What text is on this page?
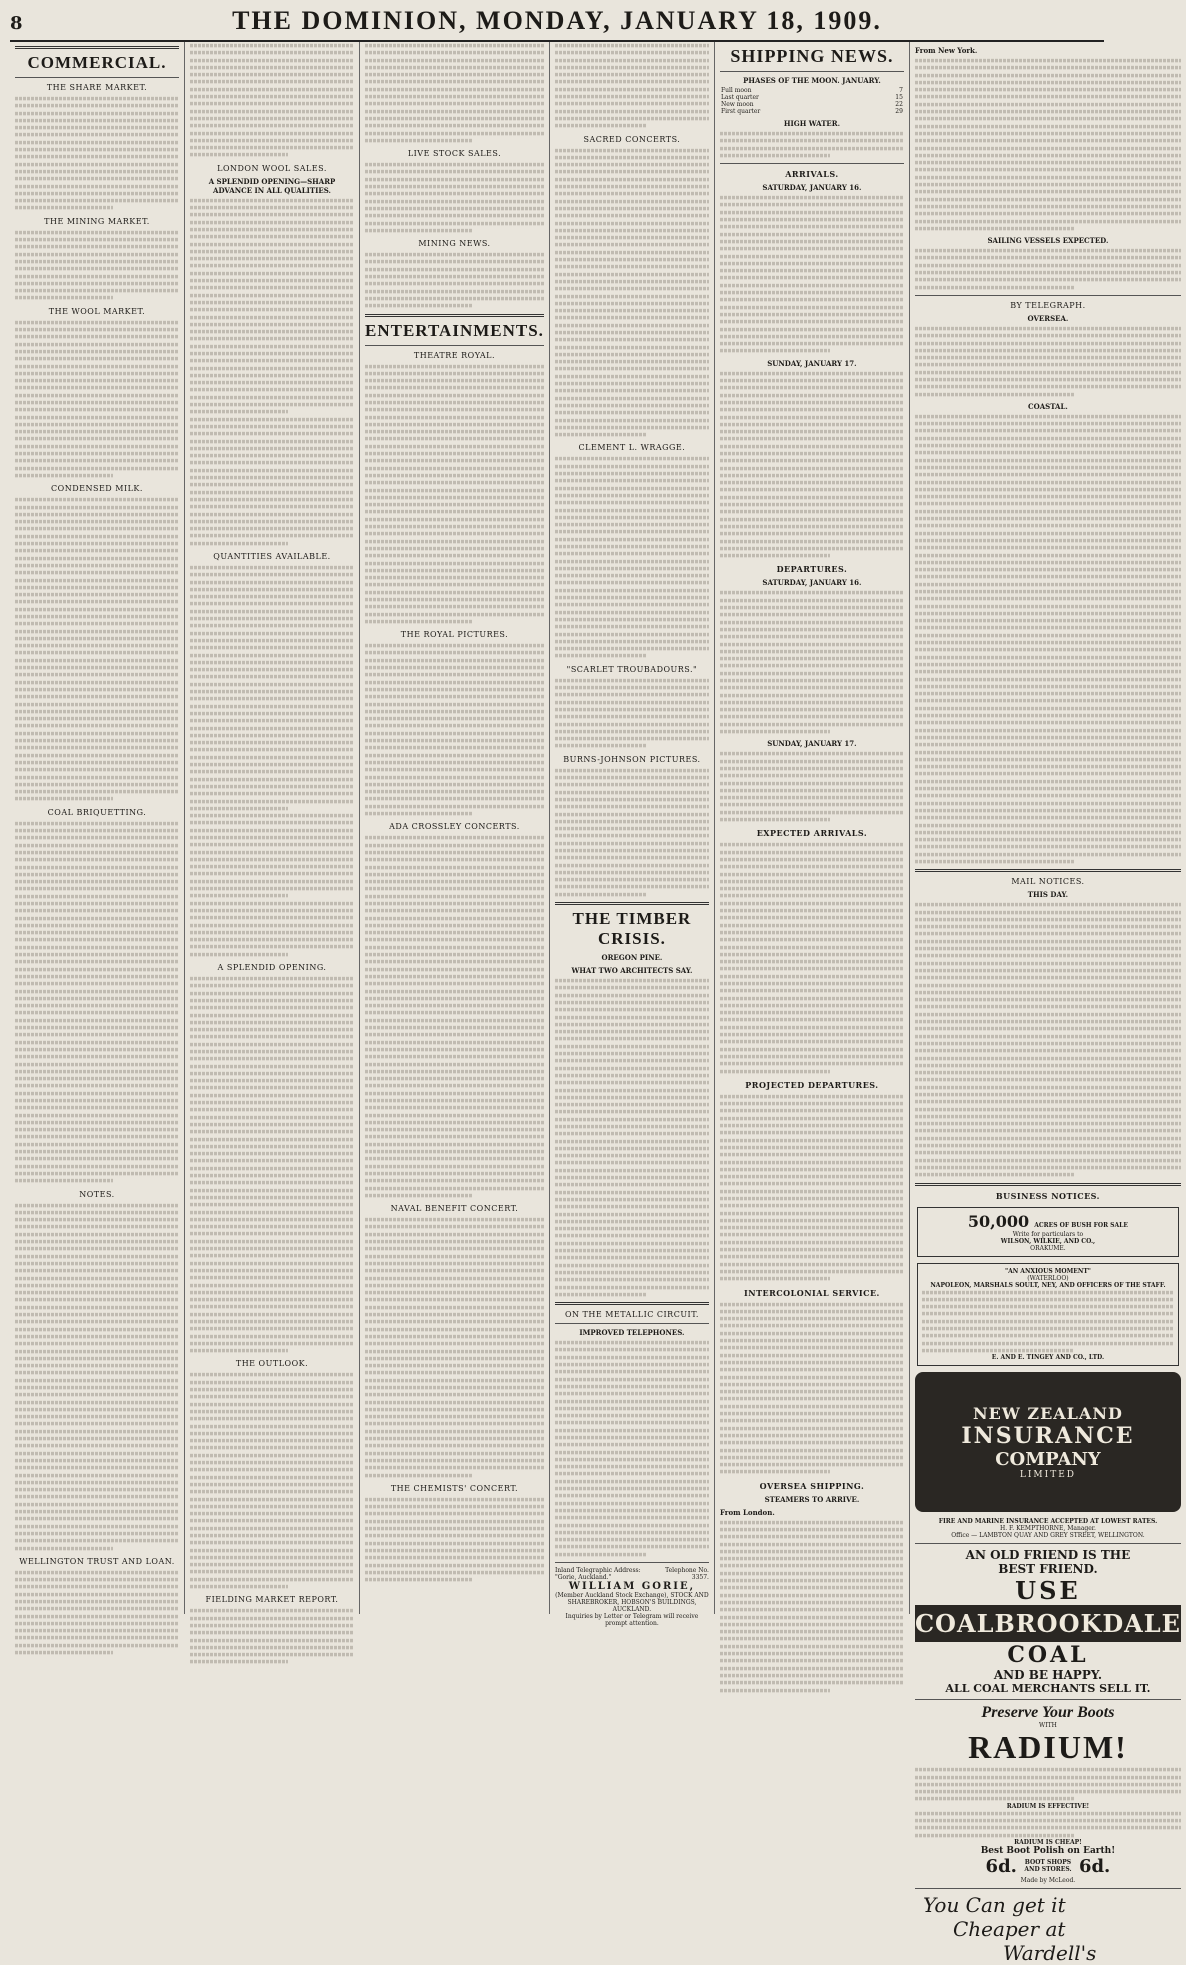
8	THE DOMINION, MONDAY, JANUARY 18, 1909.
COMMERCIAL.
THE SHARE MARKET.
THE MINING MARKET.
THE WOOL MARKET.
CONDENSED MILK.
COAL BRIQUETTING.
NOTES.
WELLINGTON TRUST AND LOAN.
LONDON WOOL SALES.
A SPLENDID OPENING—SHARP ADVANCE IN ALL QUALITIES.
QUANTITIES AVAILABLE.
A SPLENDID OPENING.
THE OUTLOOK.
FIELDING MARKET REPORT.
LIVE STOCK SALES.
MINING NEWS.
ENTERTAINMENTS.
THEATRE ROYAL.
THE ROYAL PICTURES.
ADA CROSSLEY CONCERTS.
NAVAL BENEFIT CONCERT.
THE CHEMISTS' CONCERT.
SACRED CONCERTS.
CLEMENT L. WRAGGE.
"SCARLET TROUBADOURS."
BURNS-JOHNSON PICTURES.
THE TIMBER CRISIS.
OREGON PINE.
WHAT TWO ARCHITECTS SAY.
ON THE METALLIC CIRCUIT.
IMPROVED TELEPHONES.
Inland Telegraphic Address: "Gorie, Auckland."
Telephone No. 3357.
WILLIAM GORIE,
(Member Auckland Stock Exchange), STOCK AND SHAREBROKER, HOBSON'S BUILDINGS, AUCKLAND.
Inquiries by Letter or Telegram will receive prompt attention.
SHIPPING NEWS.
PHASES OF THE MOON. JANUARY.
Full moon	7
Last quarter	15
New moon	22
First quarter	29
HIGH WATER.
ARRIVALS.
SATURDAY, JANUARY 16.
SUNDAY, JANUARY 17.
DEPARTURES.
SATURDAY, JANUARY 16.
SUNDAY, JANUARY 17.
EXPECTED ARRIVALS.
PROJECTED DEPARTURES.
INTERCOLONIAL SERVICE.
OVERSEA SHIPPING.
STEAMERS TO ARRIVE.
From London.
From New York.
SAILING VESSELS EXPECTED.
BY TELEGRAPH.
OVERSEA.
COASTAL.
MAIL NOTICES.
THIS DAY.
BUSINESS NOTICES.
50,000 ACRES OF BUSH FOR SALE
Write for particulars to
WILSON, WILKIE, AND CO.,
ORAKUME.
"AN ANXIOUS MOMENT"
(WATERLOO)
NAPOLEON, MARSHALS SOULT, NEY, AND OFFICERS OF THE STAFF.
E. AND E. TINGEY AND CO., LTD.
NEW ZEALAND
INSURANCE
COMPANY
LIMITED
FIRE AND MARINE INSURANCE ACCEPTED AT LOWEST RATES.
H. F. KEMPTHORNE, Manager.
Office — LAMBTON QUAY AND GREY STREET, WELLINGTON.
AN OLD FRIEND IS THE
BEST FRIEND.
USE
COALBROOKDALE
COAL
AND BE HAPPY.
ALL COAL MERCHANTS SELL IT.
Preserve Your Boots
WITH
RADIUM!
RADIUM IS EFFECTIVE!
RADIUM IS CHEAP!
Best Boot Polish on Earth!
6d.	BOOT SHOPS AND STORES. 6d.
Made by McLeod.
You Can get it
Cheaper at
Wardell's
